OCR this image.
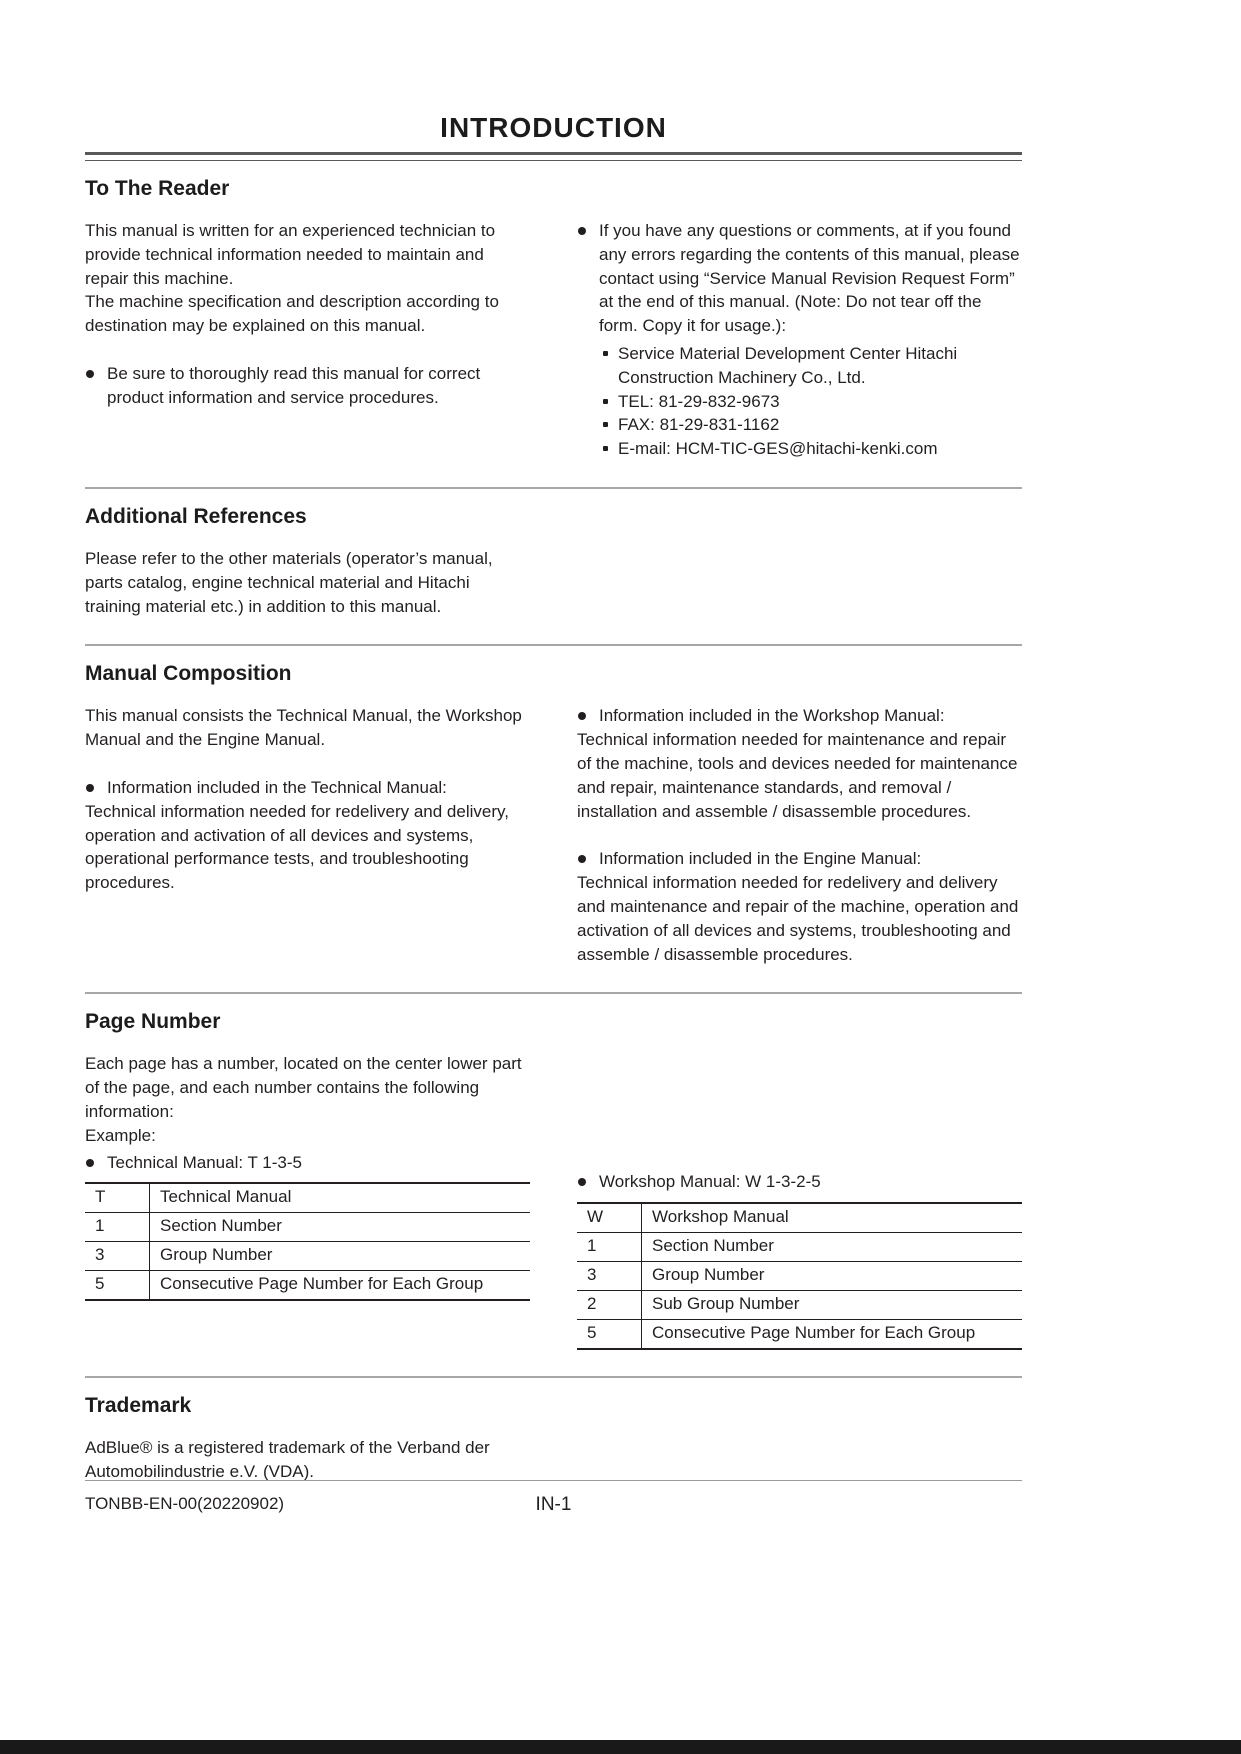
INTRODUCTION
To The Reader

This manual is written for an experienced technician to provide technical information needed to maintain and repair this machine.

The machine specification and description according to destination may be explained on this manual.

Be sure to thoroughly read this manual for correct product information and service procedures.
If you have any questions or comments, at if you found any errors regarding the contents of this manual, please contact using “Service Manual Revision Request Form” at the end of this manual. (Note: Do not tear off the form. Copy it for usage.):
Service Material Development Center Hitachi Construction Machinery Co., Ltd.
TEL: 81-29-832-9673
FAX: 81-29-831-1162
E-mail: HCM-TIC-GES@hitachi-kenki.com
Additional References

Please refer to the other materials (operator’s manual, parts catalog, engine technical material and Hitachi training material etc.) in addition to this manual.

Manual Composition

This manual consists the Technical Manual, the Workshop Manual and the Engine Manual.

Information included in the Technical Manual:

Technical information needed for redelivery and delivery, operation and activation of all devices and systems, operational performance tests, and troubleshooting procedures.

Information included in the Workshop Manual:

Technical information needed for maintenance and repair of the machine, tools and devices needed for maintenance and repair, maintenance standards, and removal / installation and assemble / disassemble procedures.

Information included in the Engine Manual:

Technical information needed for redelivery and delivery and maintenance and repair of the machine, operation and activation of all devices and systems, troubleshooting and assemble / disassemble procedures.

Page Number

Each page has a number, located on the center lower part of the page, and each number contains the following information:

Example:

Technical Manual: T 1-3-5
T	Technical Manual
1	Section Number
3	Group Number
5	Consecutive Page Number for Each Group
Workshop Manual: W 1-3-2-5
W	Workshop Manual
1	Section Number
3	Group Number
2	Sub Group Number
5	Consecutive Page Number for Each Group
Trademark

AdBlue® is a registered trademark of the Verband der Automobilindustrie e.V. (VDA).

TONBB-EN-00(20220902)	IN-1
